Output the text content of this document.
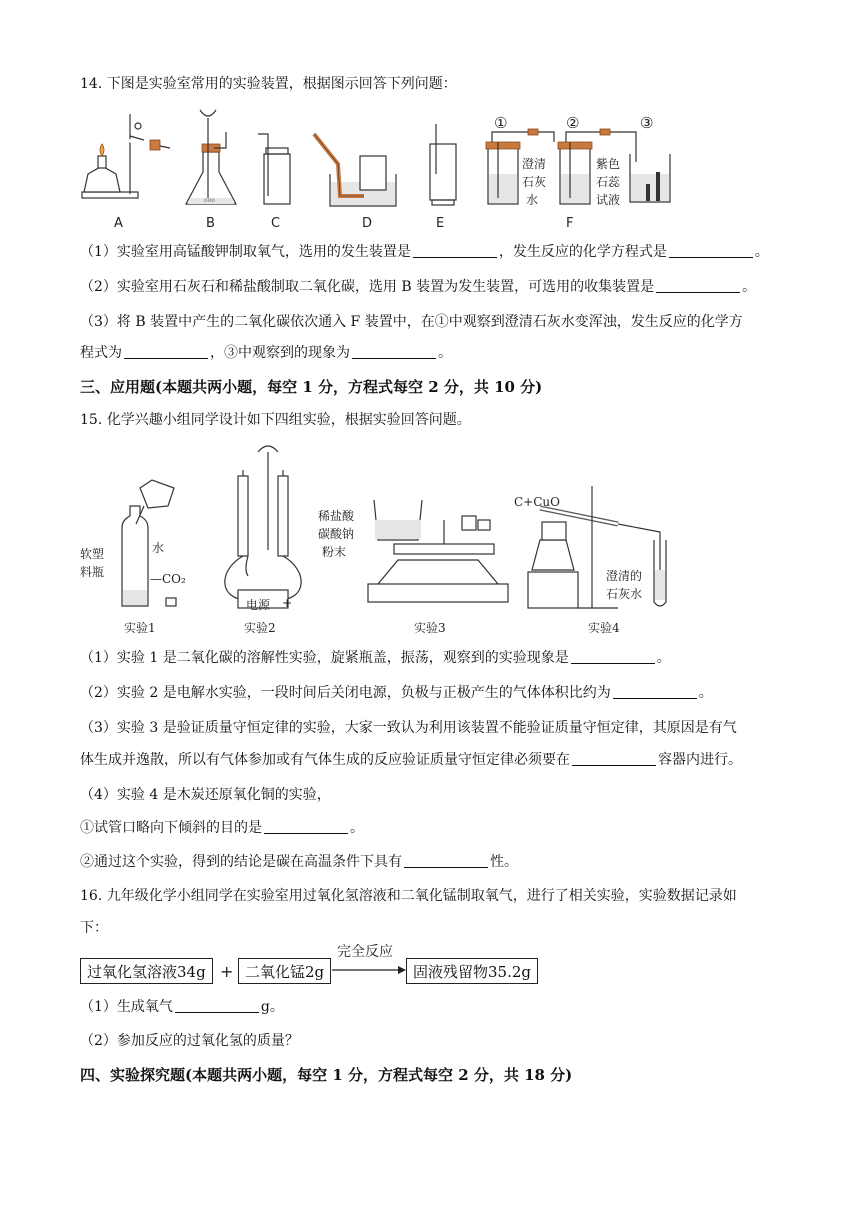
14. 下图是实验室常用的实验装置，根据图示回答下列问题：
ooo
A	B	C	D	E	F
①	②	③
澄清
石灰
水
紫色
石蕊
试液
（1）实验室用高锰酸钾制取氧气，选用的发生装置是	，发生反应的化学方程式是	。
（2）实验室用石灰石和稀盐酸制取二氧化碳，选用 B 装置为发生装置，可选用的收集装置是	。
（3）将 B 装置中产生的二氧化碳依次通入 F 装置中，在①中观察到澄清石灰水变浑浊，发生反应的化学方
程式为	，③中观察到的现象为	。
三、应用题(本题共两小题，每空 1 分，方程式每空 2 分，共 10 分)
15. 化学兴趣小组同学设计如下四组实验，根据实验回答问题。
软塑
料瓶
水
—CO₂
实验1
电源 +
实验2
稀盐酸
碳酸钠
粉末
实验3
C+CuO
澄清的
石灰水
实验4
（1）实验 1 是二氧化碳的溶解性实验，旋紧瓶盖，振荡，观察到的实验现象是	。
（2）实验 2 是电解水实验，一段时间后关闭电源，负极与正极产生的气体体积比约为	。
（3）实验 3 是验证质量守恒定律的实验，大家一致认为利用该装置不能验证质量守恒定律，其原因是有气
体生成并逸散，所以有气体参加或有气体生成的反应验证质量守恒定律必须要在	容器内进行。
（4）实验 4 是木炭还原氧化铜的实验，
①试管口略向下倾斜的目的是	。
②通过这个实验，得到的结论是碳在高温条件下具有	性。
16. 九年级化学小组同学在实验室用过氧化氢溶液和二氧化锰制取氧气，进行了相关实验，实验数据记录如
下：
过氧化氢溶液34g + 二氧化锰2g
完全反应
固液残留物35.2g
（1）生成氧气	g。
（2）参加反应的过氧化氢的质量？
四、实验探究题(本题共两小题，每空 1 分，方程式每空 2 分，共 18 分)
